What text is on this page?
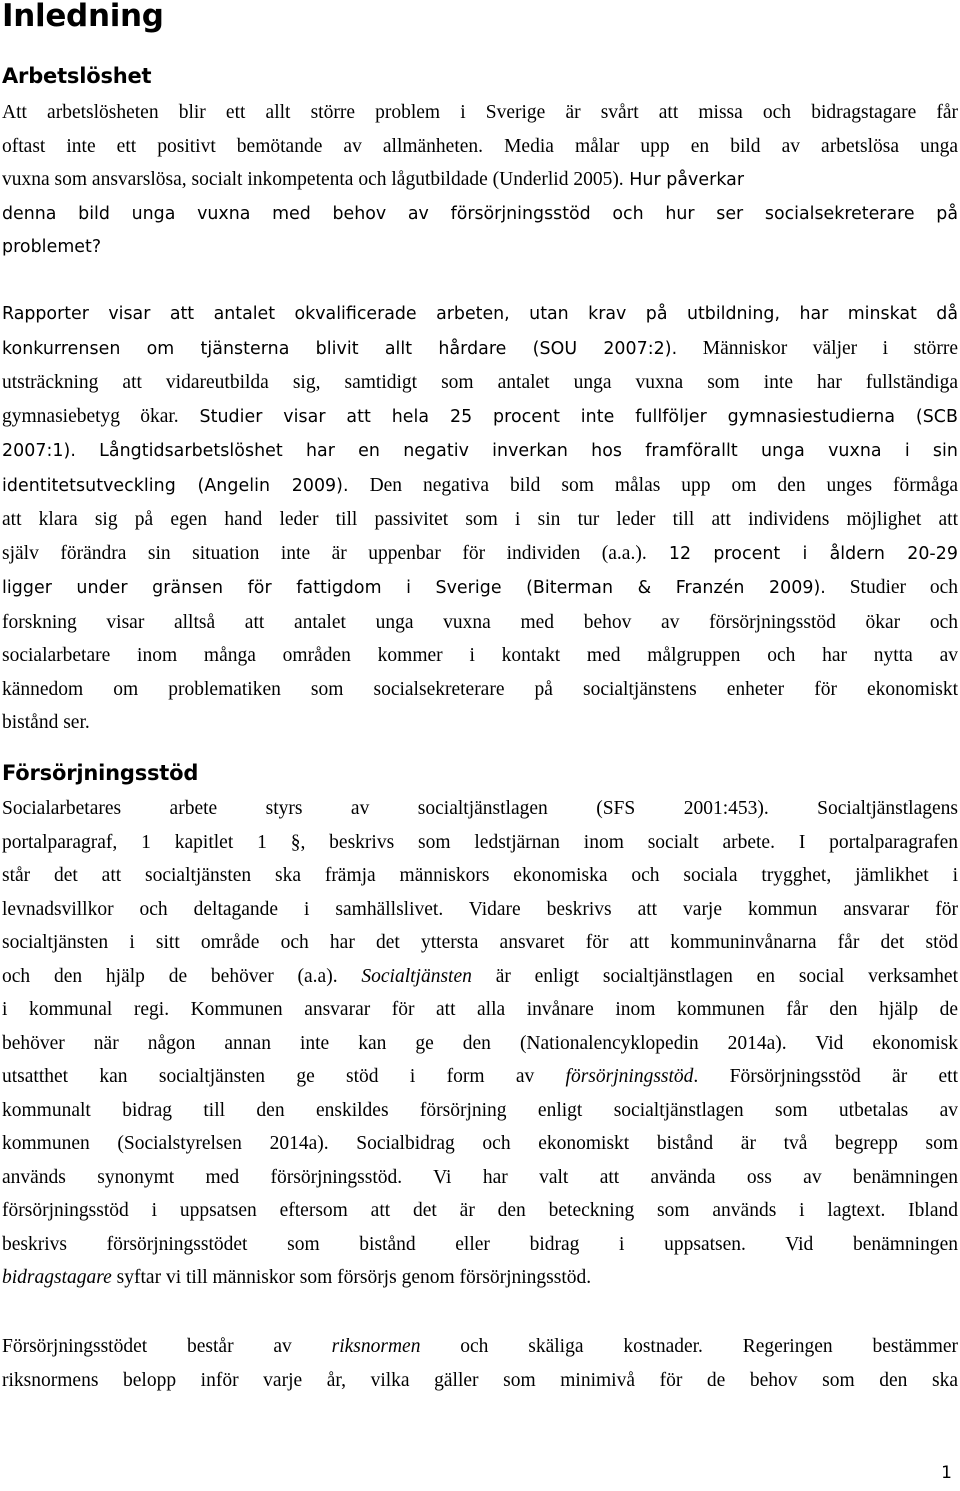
Inledning
Arbetslöshet
Att arbetslösheten blir ett allt större problem i Sverige är svårt att missa och bidragstagare får
oftast inte ett positivt bemötande av allmänheten. Media målar upp en bild av arbetslösa unga
vuxna som ansvarslösa, socialt inkompetenta och lågutbildade (Underlid 2005). Hur påverkar
denna bild unga vuxna med behov av försörjningsstöd och hur ser socialsekreterare på
problemet?
Rapporter visar att antalet okvalificerade arbeten, utan krav på utbildning, har minskat då
konkurrensen om tjänsterna blivit allt hårdare (SOU 2007:2). Människor väljer i större
utsträckning att vidareutbilda sig, samtidigt som antalet unga vuxna som inte har fullständiga
gymnasiebetyg ökar. Studier visar att hela 25 procent inte fullföljer gymnasiestudierna (SCB
2007:1). Långtidsarbetslöshet har en negativ inverkan hos framförallt unga vuxna i sin
identitetsutveckling (Angelin 2009). Den negativa bild som målas upp om den unges förmåga
att klara sig på egen hand leder till passivitet som i sin tur leder till att individens möjlighet att
själv förändra sin situation inte är uppenbar för individen (a.a.). 12 procent i åldern 20-29
ligger under gränsen för fattigdom i Sverige (Biterman & Franzén 2009). Studier och
forskning visar alltså att antalet unga vuxna med behov av försörjningsstöd ökar och
socialarbetare inom många områden kommer i kontakt med målgruppen och har nytta av
kännedom om problematiken som socialsekreterare på socialtjänstens enheter för ekonomiskt
bistånd ser.
Försörjningsstöd
Socialarbetares arbete styrs av socialtjänstlagen (SFS 2001:453). Socialtjänstlagens
portalparagraf, 1 kapitlet 1 §, beskrivs som ledstjärnan inom socialt arbete. I portalparagrafen
står det att socialtjänsten ska främja människors ekonomiska och sociala trygghet, jämlikhet i
levnadsvillkor och deltagande i samhällslivet. Vidare beskrivs att varje kommun ansvarar för
socialtjänsten i sitt område och har det yttersta ansvaret för att kommuninvånarna får det stöd
och den hjälp de behöver (a.a). Socialtjänsten är enligt socialtjänstlagen en social verksamhet
i kommunal regi. Kommunen ansvarar för att alla invånare inom kommunen får den hjälp de
behöver när någon annan inte kan ge den (Nationalencyklopedin 2014a). Vid ekonomisk
utsatthet kan socialtjänsten ge stöd i form av försörjningsstöd. Försörjningsstöd är ett
kommunalt bidrag till den enskildes försörjning enligt socialtjänstlagen som utbetalas av
kommunen (Socialstyrelsen 2014a). Socialbidrag och ekonomiskt bistånd är två begrepp som
används synonymt med försörjningsstöd. Vi har valt att använda oss av benämningen
försörjningsstöd i uppsatsen eftersom att det är den beteckning som används i lagtext. Ibland
beskrivs försörjningsstödet som bistånd eller bidrag i uppsatsen. Vid benämningen
bidragstagare syftar vi till människor som försörjs genom försörjningsstöd.
Försörjningsstödet består av riksnormen och skäliga kostnader. Regeringen bestämmer
riksnormens belopp inför varje år, vilka gäller som minimivå för de behov som den ska
1
